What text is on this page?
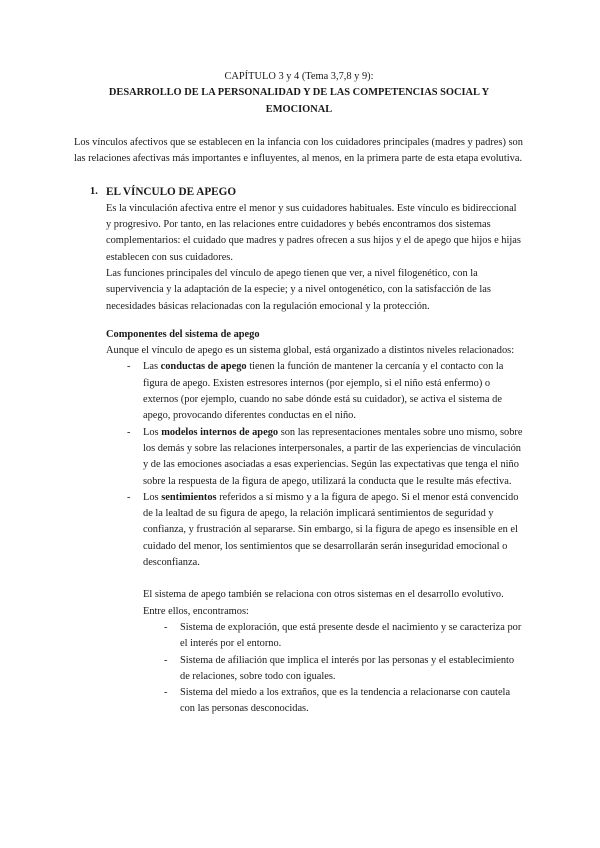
CAPÍTULO 3 y 4 (Tema 3,7,8 y 9):

DESARROLLO DE LA PERSONALIDAD Y DE LAS COMPETENCIAS SOCIAL Y EMOCIONAL

Los vínculos afectivos que se establecen en la infancia con los cuidadores principales (madres y padres) son las relaciones afectivas más importantes e influyentes, al menos, en la primera parte de esta etapa evolutiva.

1. EL VÍNCULO DE APEGO

Es la vinculación afectiva entre el menor y sus cuidadores habituales. Este vínculo es bidireccional y progresivo. Por tanto, en las relaciones entre cuidadores y bebés encontramos dos sistemas complementarios: el cuidado que madres y padres ofrecen a sus hijos y el de apego que hijos e hijas establecen con sus cuidadores.

Las funciones principales del vínculo de apego tienen que ver, a nivel filogenético, con la supervivencia y la adaptación de la especie; y a nivel ontogenético, con la satisfacción de las necesidades básicas relacionadas con la regulación emocional y la protección.

Componentes del sistema de apego

Aunque el vínculo de apego es un sistema global, está organizado a distintos niveles relacionados:

- Las conductas de apego tienen la función de mantener la cercanía y el contacto con la figura de apego. Existen estresores internos (por ejemplo, si el niño está enfermo) o externos (por ejemplo, cuando no sabe dónde está su cuidador), se activa el sistema de apego, provocando diferentes conductas en el niño.
- Los modelos internos de apego son las representaciones mentales sobre uno mismo, sobre los demás y sobre las relaciones interpersonales, a partir de las experiencias de vinculación y de las emociones asociadas a esas experiencias. Según las expectativas que tenga el niño sobre la respuesta de la figura de apego, utilizará la conducta que le resulte más efectiva.
- Los sentimientos referidos a sí mismo y a la figura de apego. Si el menor está convencido de la lealtad de su figura de apego, la relación implicará sentimientos de seguridad y confianza, y frustración al separarse. Sin embargo, si la figura de apego es insensible en el cuidado del menor, los sentimientos que se desarrollarán serán inseguridad emocional o desconfianza.

El sistema de apego también se relaciona con otros sistemas en el desarrollo evolutivo. Entre ellos, encontramos:

- Sistema de exploración, que está presente desde el nacimiento y se caracteriza por el interés por el entorno.
- Sistema de afiliación que implica el interés por las personas y el establecimiento de relaciones, sobre todo con iguales.
- Sistema del miedo a los extraños, que es la tendencia a relacionarse con cautela con las personas desconocidas.
